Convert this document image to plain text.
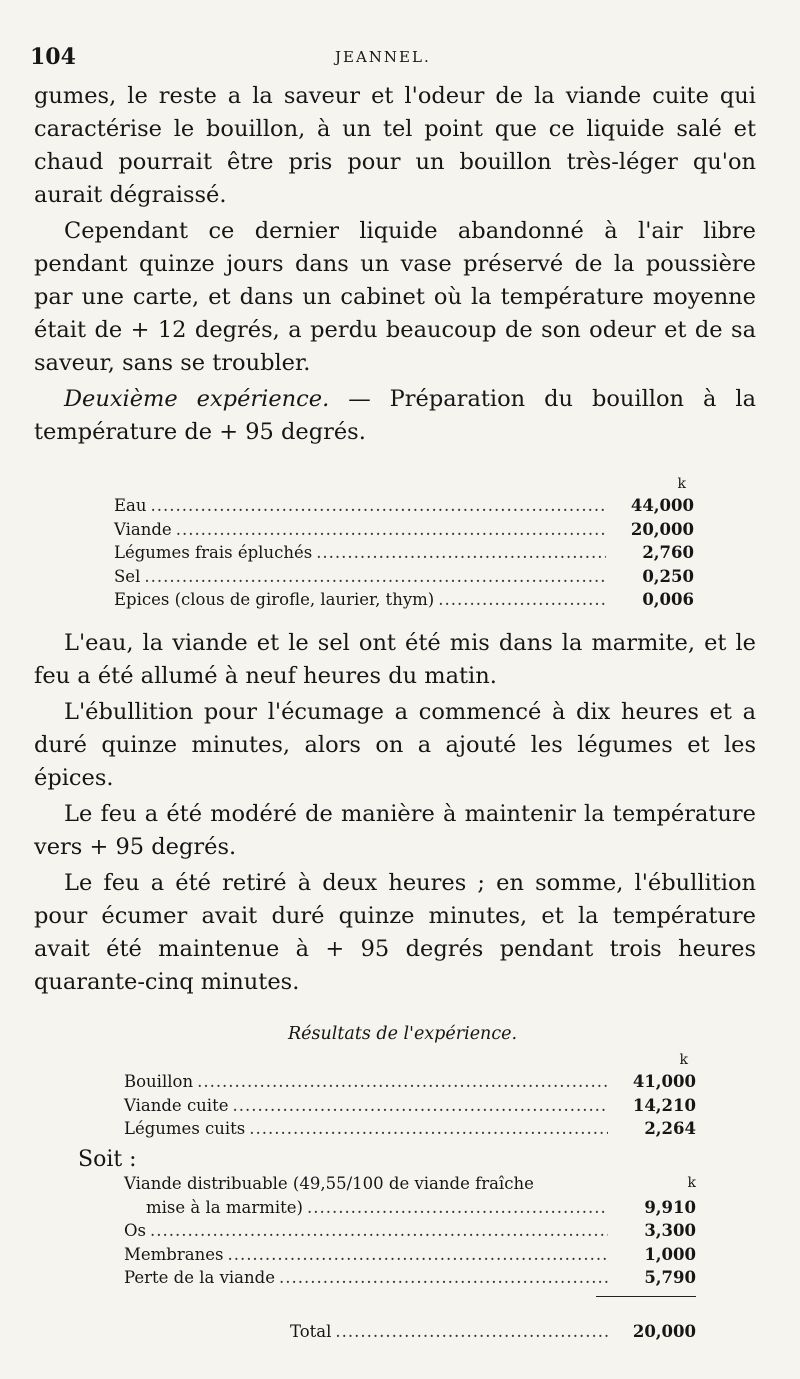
104	JEANNEL.

gumes, le reste a la saveur et l'odeur de la viande cuite qui caractérise le bouillon, à un tel point que ce liquide salé et chaud pourrait être pris pour un bouillon très-léger qu'on aurait dégraissé.

Cependant ce dernier liquide abandonné à l'air libre pendant quinze jours dans un vase préservé de la poussière par une carte, et dans un cabinet où la température moyenne était de + 12 degrés, a perdu beaucoup de son odeur et de sa saveur, sans se troubler.

Deuxième expérience. — Préparation du bouillon à la température de + 95 degrés.

k
Eau .....	44,000
Viande .....	20,000
Légumes frais épluchés .....	2,760
Sel .....	0,250
Epices (clous de girofle, laurier, thym) .....	0,006

L'eau, la viande et le sel ont été mis dans la marmite, et le feu a été allumé à neuf heures du matin.

L'ébullition pour l'écumage a commencé à dix heures et a duré quinze minutes, alors on a ajouté les légumes et les épices.

Le feu a été modéré de manière à maintenir la température vers + 95 degrés.

Le feu a été retiré à deux heures ; en somme, l'ébullition pour écumer avait duré quinze minutes, et la température avait été maintenue à + 95 degrés pendant trois heures quarante-cinq minutes.

Résultats de l'expérience.
k
Bouillon .....	41,000
Viande cuite .....	14,210
Légumes cuits .....	2,264
Soit :
Viande distribuable (49,55/100 de viande fraîche	k
mise à la marmite) .....	9,910
Os .....	3,300
Membranes .....	1,000
Perte de la viande .....	5,790
Total .....	20,000
